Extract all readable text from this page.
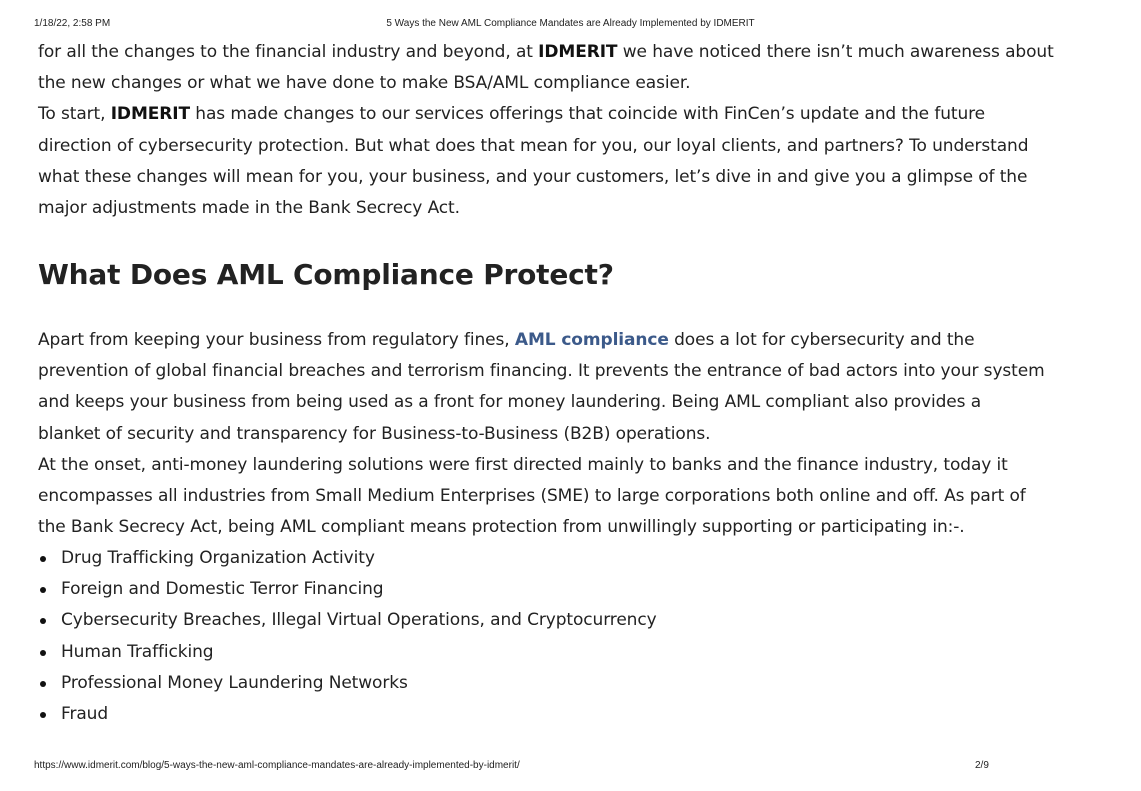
1/18/22, 2:58 PM	5 Ways the New AML Compliance Mandates are Already Implemented by IDMERIT

for all the changes to the financial industry and beyond, at IDMERIT we have noticed there isn’t much awareness about
the new changes or what we have done to make BSA/AML compliance easier.

To start, IDMERIT has made changes to our services offerings that coincide with FinCen’s update and the future
direction of cybersecurity protection. But what does that mean for you, our loyal clients, and partners? To understand
what these changes will mean for you, your business, and your customers, let’s dive in and give you a glimpse of the
major adjustments made in the Bank Secrecy Act.

What Does AML Compliance Protect?

Apart from keeping your business from regulatory fines, AML compliance does a lot for cybersecurity and the
prevention of global financial breaches and terrorism financing. It prevents the entrance of bad actors into your system
and keeps your business from being used as a front for money laundering. Being AML compliant also provides a
blanket of security and transparency for Business-to-Business (B2B) operations.

At the onset, anti-money laundering solutions were first directed mainly to banks and the finance industry, today it
encompasses all industries from Small Medium Enterprises (SME) to large corporations both online and off. As part of
the Bank Secrecy Act, being AML compliant means protection from unwillingly supporting or participating in:-.

Drug Trafficking Organization Activity
Foreign and Domestic Terror Financing
Cybersecurity Breaches, Illegal Virtual Operations, and Cryptocurrency
Human Trafficking
Professional Money Laundering Networks
Fraud
https://www.idmerit.com/blog/5-ways-the-new-aml-compliance-mandates-are-already-implemented-by-idmerit/	2/9
